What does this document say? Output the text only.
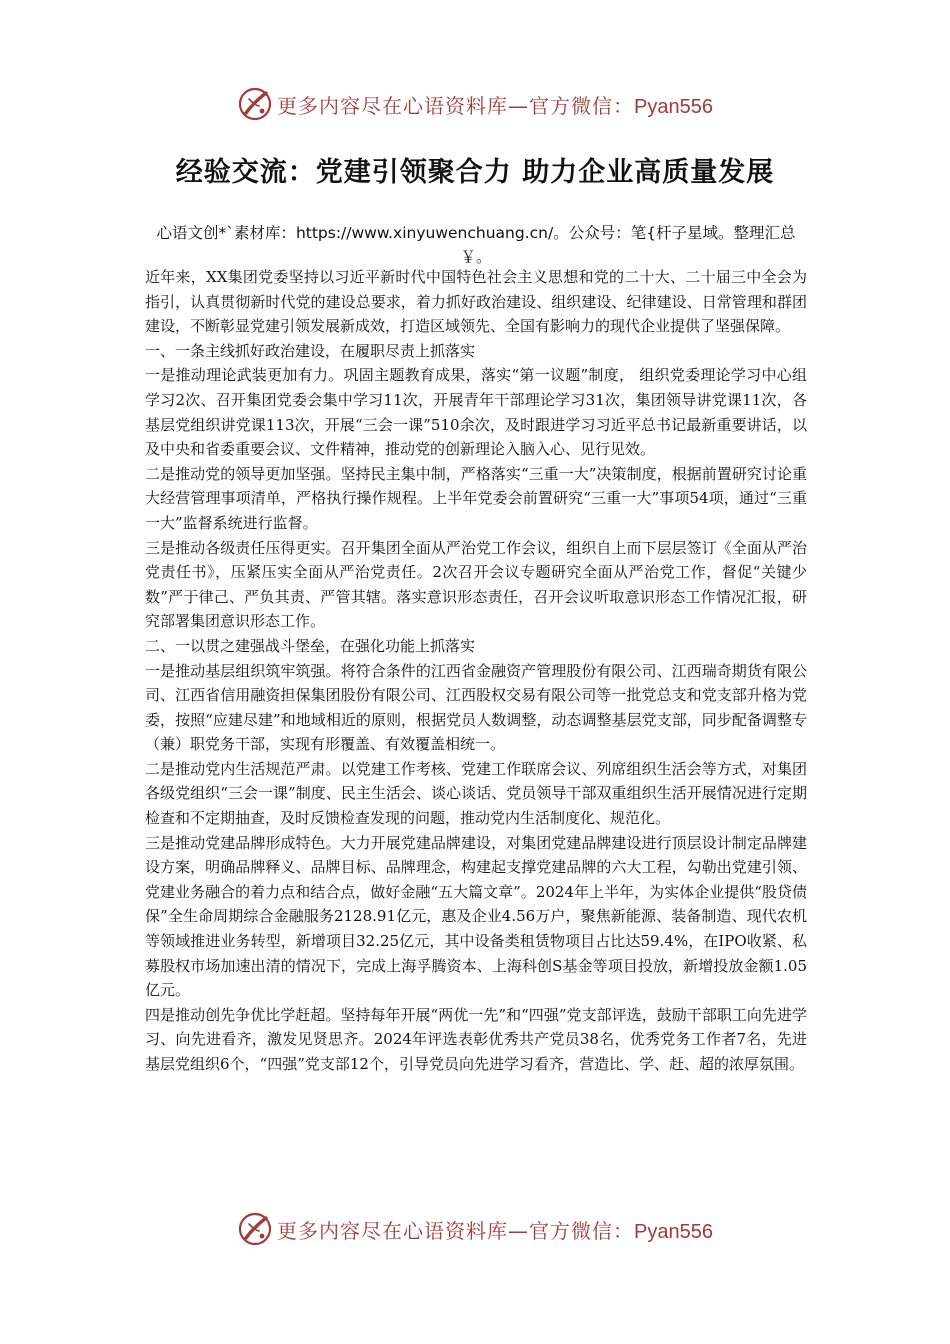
更多内容尽在心语资料库—官方微信：Pyan556
经验交流：党建引领聚合力 助力企业高质量发展
心语文创*`素材库：https://www.xinyuwenchuang.cn/。公众号：笔{杆子星域。整理汇总￥。

近年来，XX集团党委坚持以习近平新时代中国特色社会主义思想和党的二十大、二十届三中全会为指引，认真贯彻新时代党的建设总要求，着力抓好政治建设、组织建设、纪律建设、日常管理和群团建设，不断彰显党建引领发展新成效，打造区域领先、全国有影响力的现代企业提供了坚强保障。

一、一条主线抓好政治建设，在履职尽责上抓落实

一是推动理论武装更加有力。巩固主题教育成果，落实“第一议题”制度， 组织党委理论学习中心组学习2次、召开集团党委会集中学习11次，开展青年干部理论学习31次，集团领导讲党课11次，各基层党组织讲党课113次，开展“三会一课”510余次，及时跟进学习习近平总书记最新重要讲话，以及中央和省委重要会议、文件精神，推动党的创新理论入脑入心、见行见效。

二是推动党的领导更加坚强。坚持民主集中制，严格落实“三重一大”决策制度，根据前置研究讨论重大经营管理事项清单，严格执行操作规程。上半年党委会前置研究“三重一大”事项54项，通过“三重一大”监督系统进行监督。

三是推动各级责任压得更实。召开集团全面从严治党工作会议，组织自上而下层层签订《全面从严治党责任书》，压紧压实全面从严治党责任。2次召开会议专题研究全面从严治党工作，督促“关键少数”严于律己、严负其责、严管其辖。落实意识形态责任，召开会议听取意识形态工作情况汇报，研究部署集团意识形态工作。

二、一以贯之建强战斗堡垒，在强化功能上抓落实

一是推动基层组织筑牢筑强。将符合条件的江西省金融资产管理股份有限公司、江西瑞奇期货有限公司、江西省信用融资担保集团股份有限公司、江西股权交易有限公司等一批党总支和党支部升格为党委，按照“应建尽建”和地域相近的原则，根据党员人数调整，动态调整基层党支部，同步配备调整专（兼）职党务干部，实现有形覆盖、有效覆盖相统一。

二是推动党内生活规范严肃。以党建工作考核、党建工作联席会议、列席组织生活会等方式，对集团各级党组织“三会一课”制度、民主生活会、谈心谈话、党员领导干部双重组织生活开展情况进行定期检查和不定期抽查，及时反馈检查发现的问题，推动党内生活制度化、规范化。

三是推动党建品牌形成特色。大力开展党建品牌建设，对集团党建品牌建设进行顶层设计制定品牌建设方案，明确品牌释义、品牌目标、品牌理念，构建起支撑党建品牌的六大工程，勾勒出党建引领、党建业务融合的着力点和结合点，做好金融“五大篇文章”。2024年上半年，为实体企业提供“股贷债保”全生命周期综合金融服务2128.91亿元，惠及企业4.56万户，聚焦新能源、装备制造、现代农机等领域推进业务转型，新增项目32.25亿元，其中设备类租赁物项目占比达59.4%，在IPO收紧、私募股权市场加速出清的情况下，完成上海孚腾资本、上海科创S基金等项目投放，新增投放金额1.05亿元。

四是推动创先争优比学赶超。坚持每年开展“两优一先”和“四强”党支部评选，鼓励干部职工向先进学习、向先进看齐，激发见贤思齐。2024年评选表彰优秀共产党员38名，优秀党务工作者7名，先进基层党组织6个，“四强”党支部12个，引导党员向先进学习看齐，营造比、学、赶、超的浓厚氛围。

更多内容尽在心语资料库—官方微信：Pyan556
